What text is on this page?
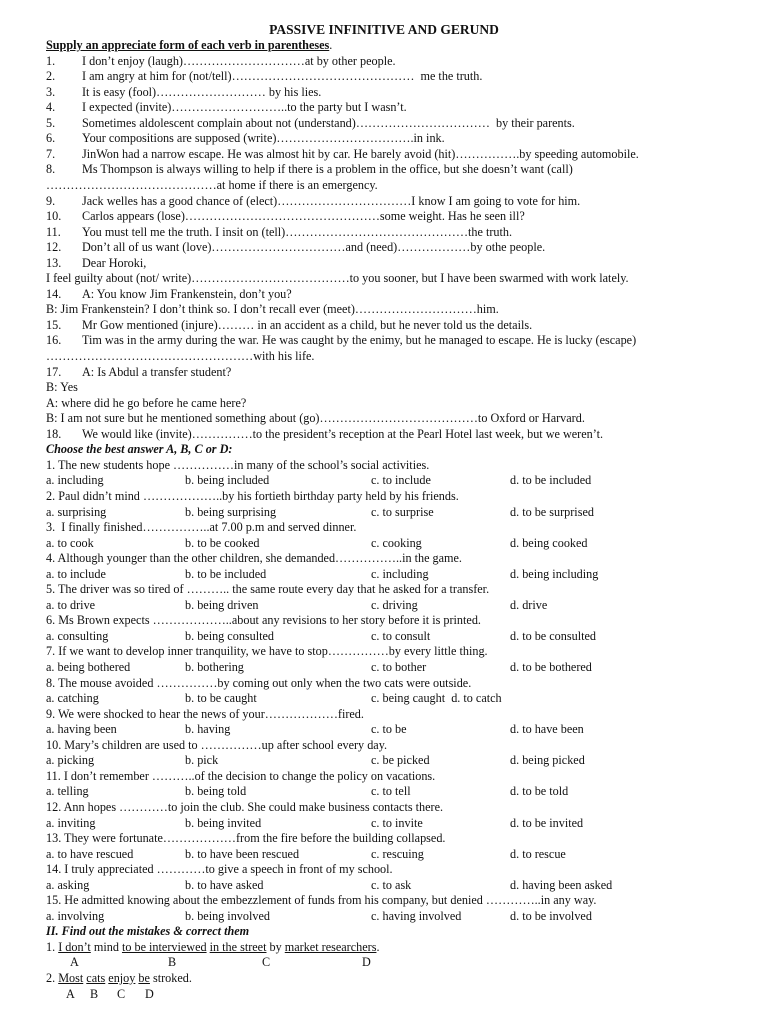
PASSIVE INFINITIVE AND GERUND
Supply an appreciate form of each verb in parentheses.
1. I don’t enjoy (laugh)…………………………at by other people.
2. I am angry at him for (not/tell)………………………………………  me the truth.
3. It is easy (fool)……………………… by his lies.
4. I expected (invite)………………………..to the party but I wasn’t.
5. Sometimes aldolescent complain about not (understand)……………………………  by their parents.
6. Your compositions are supposed (write)…………………………….in ink.
7. JinWon had a narrow escape. He was almost hit by car. He barely avoid (hit)…………….by speeding automobile.
8. Ms Thompson is always willing to help if there is a problem in the office, but she doesn’t want (call)
……………………………………at home if there is an emergency.
9. Jack welles has a good chance of (elect)……………………………I know I am going to vote for him.
10. Carlos appears (lose)…………………………………………some weight. Has he seen ill?
11. You must tell me the truth. I insit on (tell)………………………………………the truth.
12. Don’t all of us want (love)……………………………and (need)………………by othe people.
13. Dear Horoki,
I feel guilty about (not/ write)…………………………………to you sooner, but I have been swarmed with work lately.
14. A: You know Jim Frankenstein, don’t you?
B: Jim Frankenstein? I don’t think so. I don’t recall ever (meet)…………………………him.
15. Mr Gow mentioned (injure)……… in an accident as a child, but he never told us the details.
16. Tim was in the army during the war. He was caught by the enimy, but he managed to escape. He is lucky (escape)
……………………………………………with his life.
17. A: Is Abdul a transfer student?
B: Yes
A: where did he go before he came here?
B: I am not sure but he mentioned something about (go)…………………………………to Oxford or Harvard.
18. We would like (invite)……………to the president’s reception at the Pearl Hotel last week, but we weren’t.
Choose the best answer A, B, C or D:
1. The new students hope ……………in many of the school’s social activities.
a. including	b. being included	c. to include	d. to be included
2. Paul didn’t mind ………………..by his fortieth birthday party held by his friends.
a. surprising	b. being surprising	c. to surprise	d. to be surprised
3.  I finally finished……………..at 7.00 p.m and served dinner.
a. to cook	b. to be cooked	c. cooking	d. being cooked
4. Although younger than the other children, she demanded……………..in the game.
a. to include	b. to be included	c. including	d. being including
5. The driver was so tired of ……….. the same route every day that he asked for a transfer.
a. to drive	b. being driven	c. driving	d. drive
6. Ms Brown expects ………………..about any revisions to her story before it is printed.
a. consulting	b. being consulted	c. to consult	d. to be consulted
7. If we want to develop inner tranquility, we have to stop……………by every little thing.
a. being bothered	b. bothering	c. to bother	d. to be bothered
8. The mouse avoided ……………by coming out only when the two cats were outside.
a. catching	b. to be caught	c. being caught  d. to catch
9. We were shocked to hear the news of your………………fired.
a. having been	b. having	c. to be	d. to have been
10. Mary’s children are used to ……………up after school every day.
a. picking	b. pick	c. be picked	d. being picked
11. I don’t remember ………..of the decision to change the policy on vacations.
a. telling	b. being told	c. to tell	d. to be told
12. Ann hopes …………to join the club. She could make business contacts there.
a. inviting	b. being invited	c. to invite	d. to be invited
13. They were fortunate………………from the fire before the building collapsed.
a. to have rescued	b. to have been rescued	c. rescuing	d. to rescue
14. I truly appreciated …………to give a speech in front of my school.
a. asking	b. to have asked	c. to ask	d. having been asked
15. He admitted knowing about the embezzlement of funds from his company, but denied …………..in any way.
a. involving	b. being involved	c. having involved	d. to be involved
II. Find out the mistakes & correct them
1. I don’t mind to be interviewed in the street by market researchers.
A	B	C	D
2. Most cats enjoy be stroked.
A B C D
